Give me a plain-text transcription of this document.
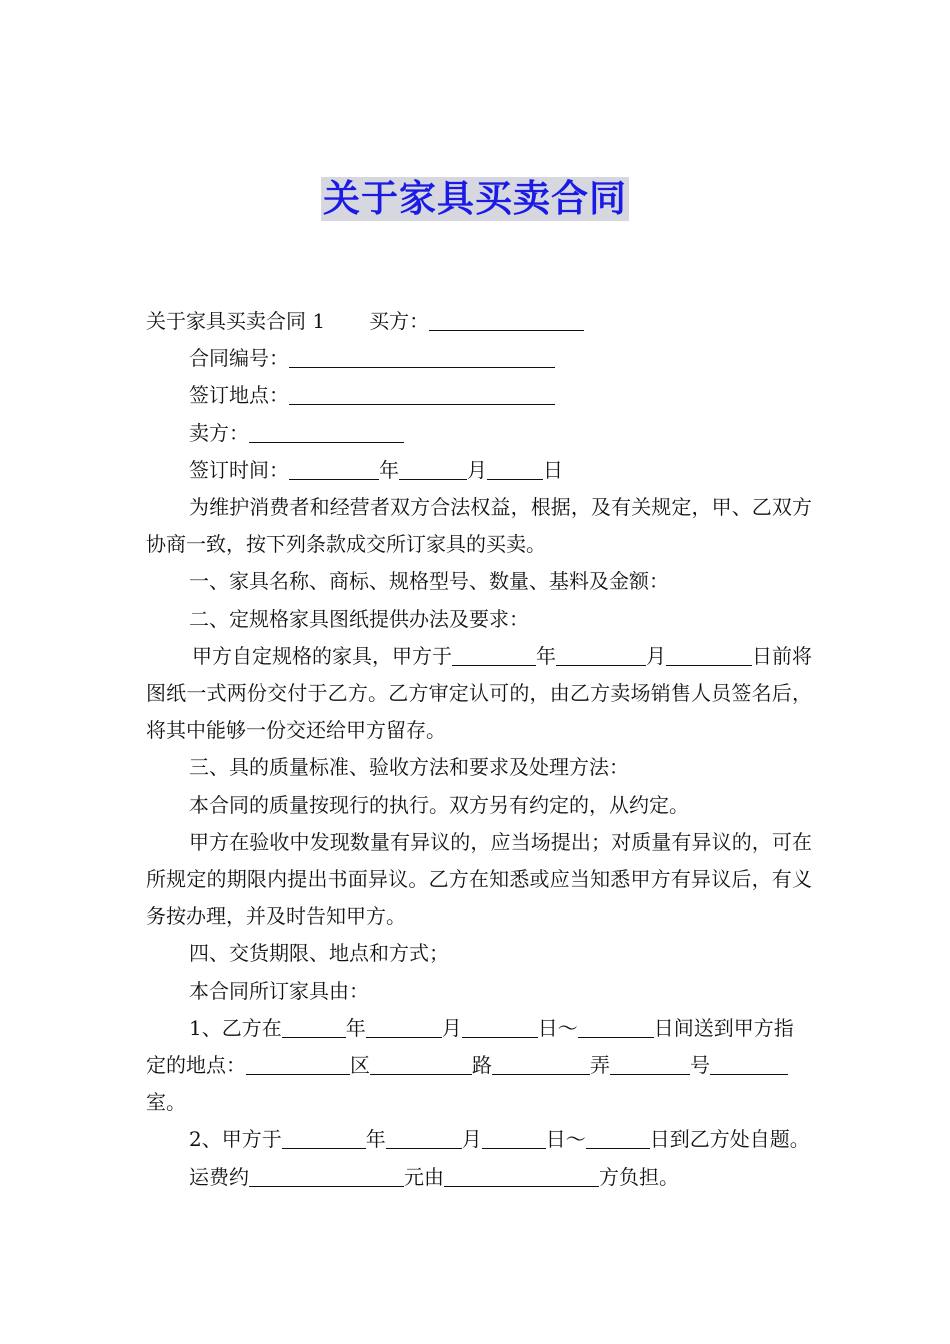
关于家具买卖合同

关于家具买卖合同 1 买方：

合同编号：

签订地点：

卖方：

签订时间：	年	月	日

为维护消费者和经营者双方合法权益，根据，及有关规定，甲、乙双方协商一致，按下列条款成交所订家具的买卖。

一、家具名称、商标、规格型号、数量、基料及金额：

二、定规格家具图纸提供办法及要求：

甲方自定规格的家具，甲方于	年	月	日前将图纸一式两份交付于乙方。乙方审定认可的，由乙方卖场销售人员签名后，将其中能够一份交还给甲方留存。

三、具的质量标准、验收方法和要求及处理方法：

本合同的质量按现行的执行。双方另有约定的，从约定。

甲方在验收中发现数量有异议的，应当场提出；对质量有异议的，可在所规定的期限内提出书面异议。乙方在知悉或应当知悉甲方有异议后，有义务按办理，并及时告知甲方。

四、交货期限、地点和方式；

本合同所订家具由：

1、乙方在	年	月	日～	日间送到甲方指定的地点：	区	路	弄	号室。

2、甲方于	年	月	日～	日到乙方处自题。

运费约	元由	方负担。
